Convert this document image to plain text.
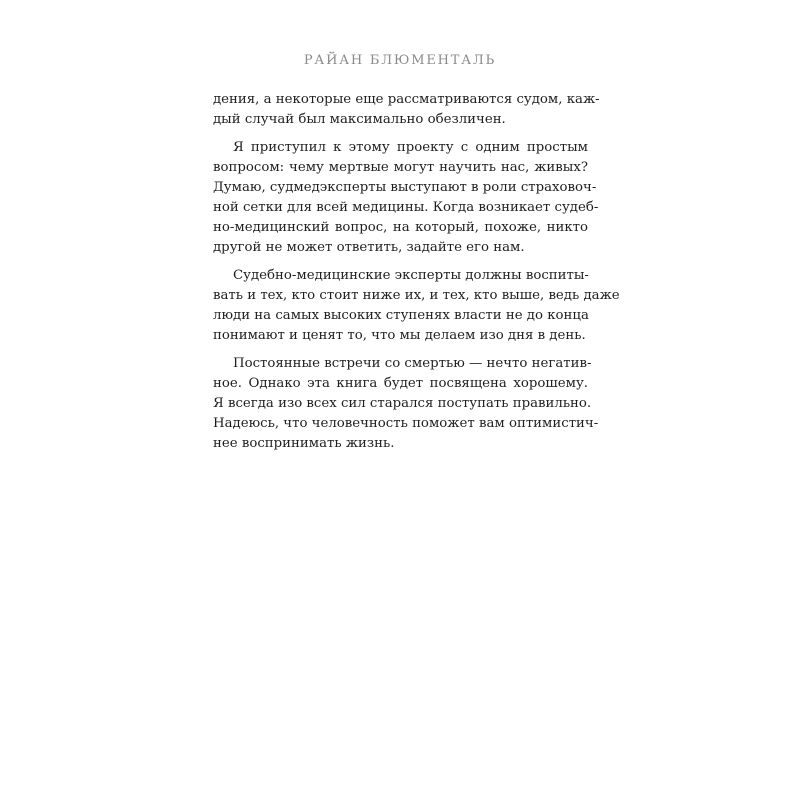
РАЙАН БЛЮМЕНТАЛЬ

дения, а некоторые еще рассматриваются судом, каж-
дый случай был максимально обезличен.

Я приступил к этому проекту с одним простым
вопросом: чему мертвые могут научить нас, живых?
Думаю, судмедэксперты выступают в роли страховоч-
ной сетки для всей медицины. Когда возникает судеб-
но-медицинский вопрос, на который, похоже, никто
другой не может ответить, задайте его нам.

Судебно-медицинские эксперты должны воспиты-
вать и тех, кто стоит ниже их, и тех, кто выше, ведь даже
люди на самых высоких ступенях власти не до конца
понимают и ценят то, что мы делаем изо дня в день.

Постоянные встречи со смертью — нечто негатив-
ное. Однако эта книга будет посвящена хорошему.
Я всегда изо всех сил старался поступать правильно.
Надеюсь, что человечность поможет вам оптимистич-
нее воспринимать жизнь.
